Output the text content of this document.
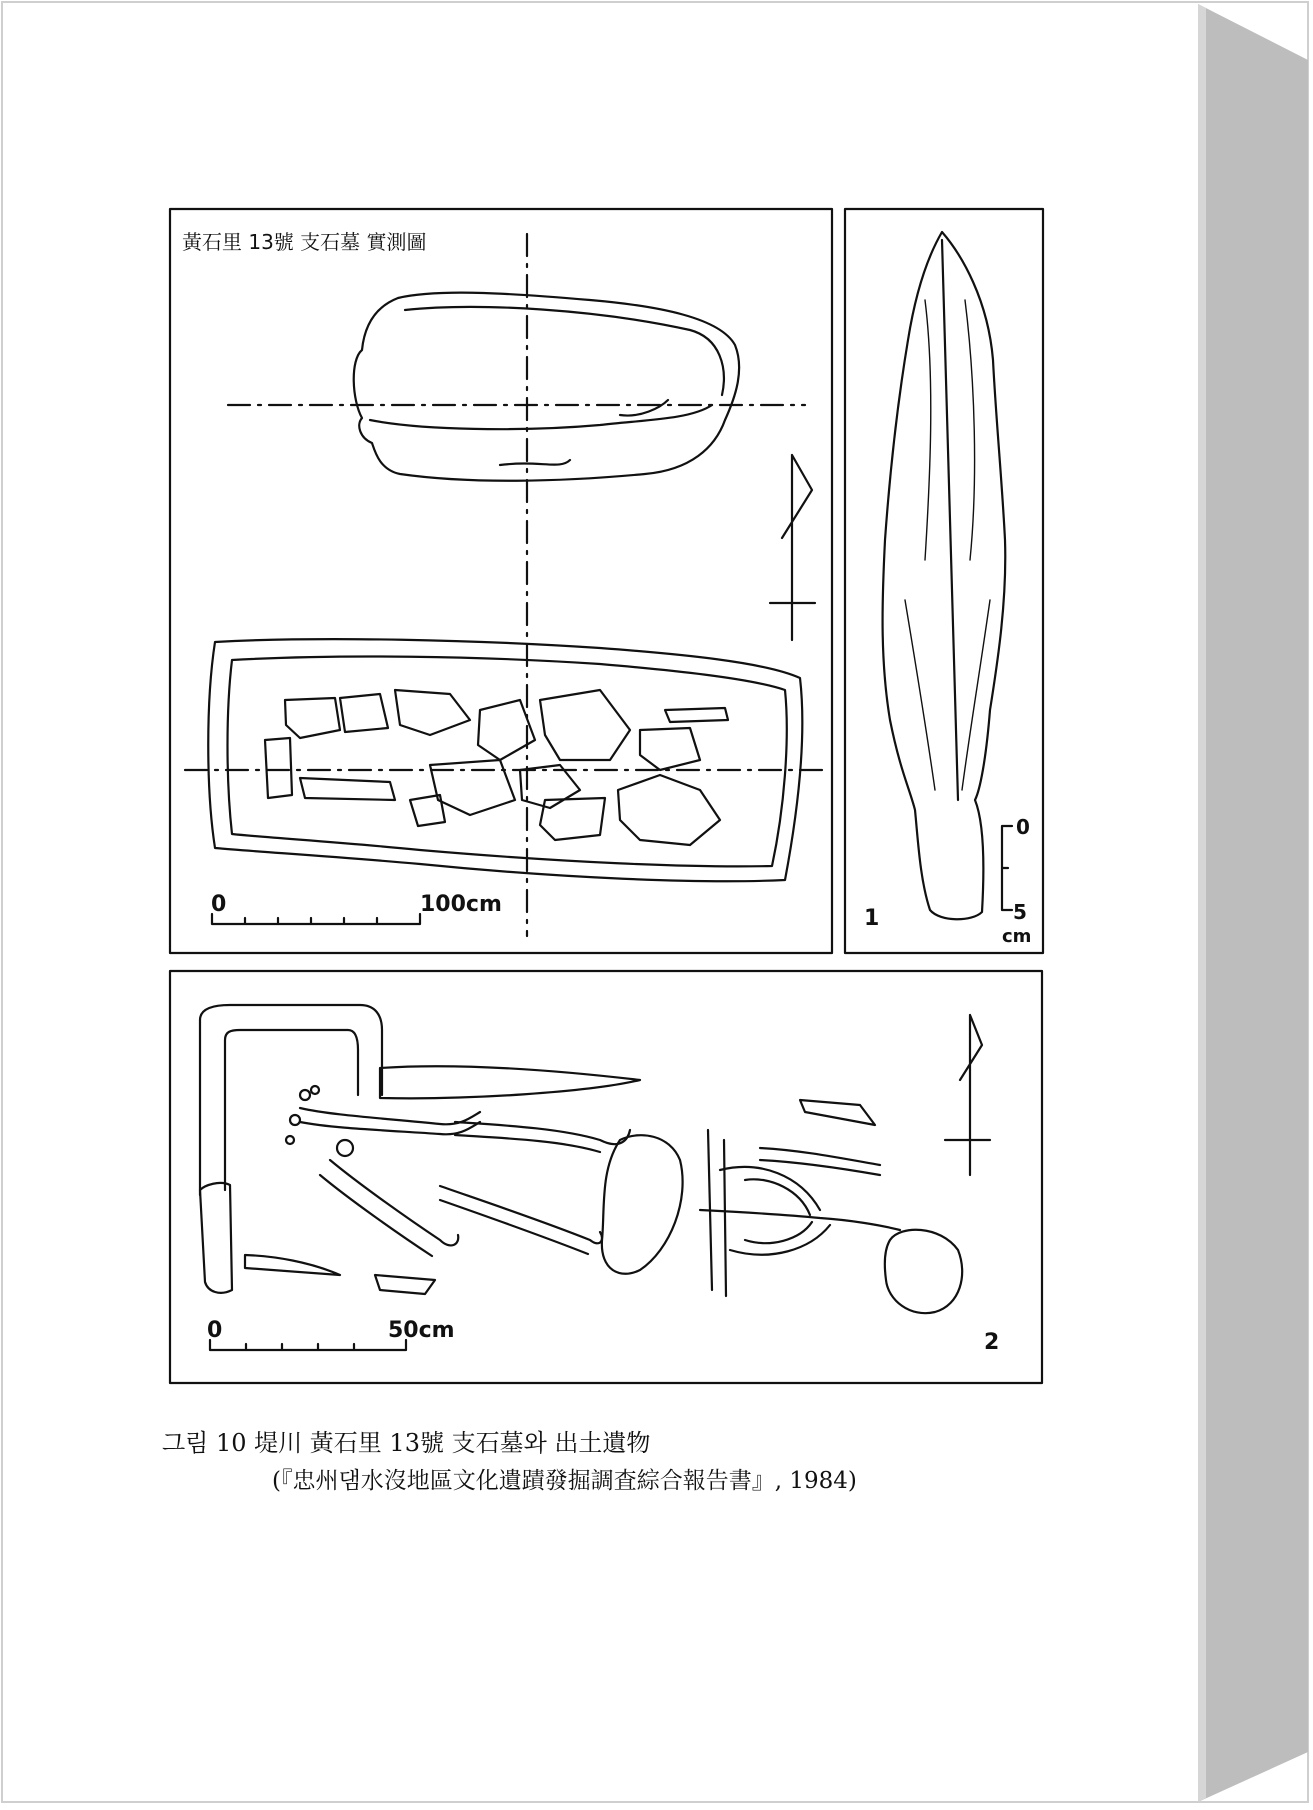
黃石里 13號 支石墓 實測圖
0	100cm
1
0
5
cm
0	50cm	2
그림 10 堤川 黃石里 13號 支石墓와 出土遺物
(『忠州댐水沒地區文化遺蹟發掘調査綜合報告書』, 1984)
